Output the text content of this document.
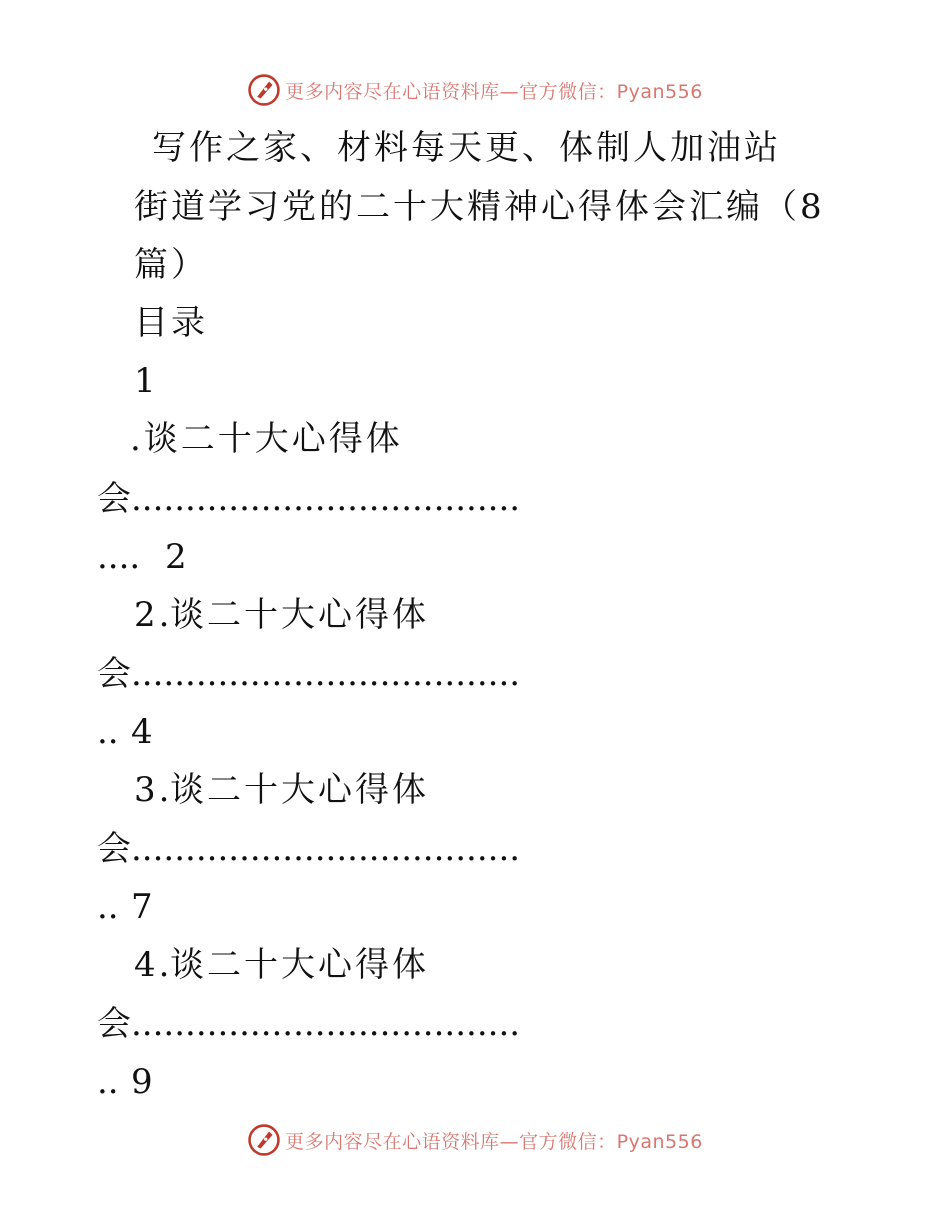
更多内容尽在心语资料库—官方微信：Pyan556
写作之家、材料每天更、体制人加油站
街道学习党的二十大精神心得体会汇编（8
篇）
目录
1
.谈二十大心得体
会
....................................
.... 2
2.
谈二十大心得体
会
....................................
.. 4
3.
谈二十大心得体
会
....................................
.. 7
4.
谈二十大心得体
会
....................................
.. 9
更多内容尽在心语资料库—官方微信：Pyan556
